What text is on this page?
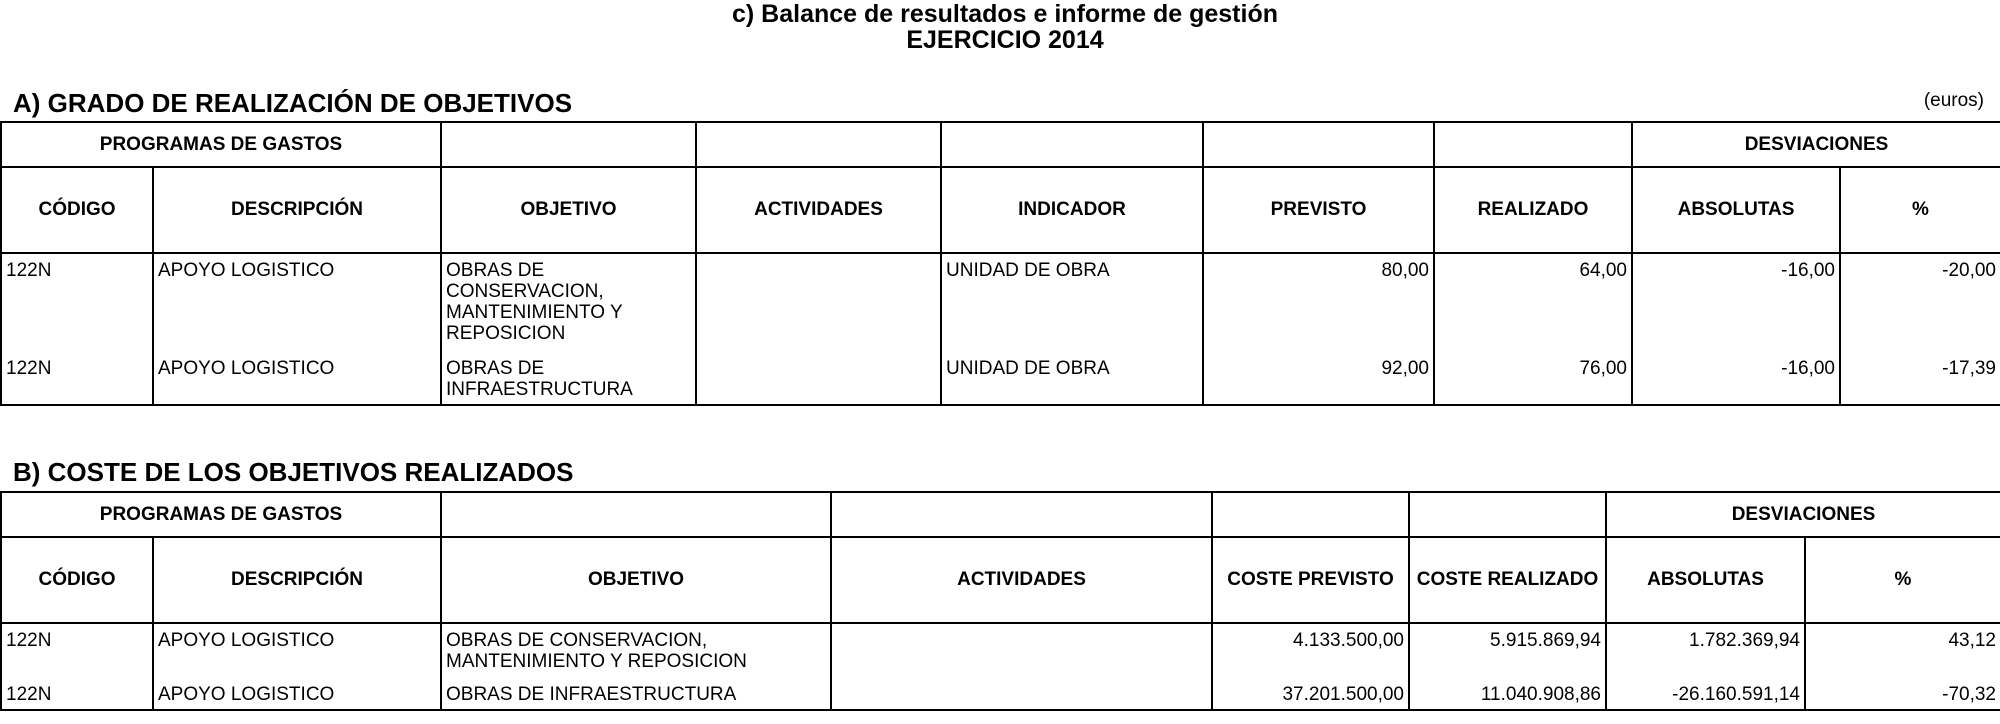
c) Balance de resultados e informe de gestión
EJERCICIO 2014
A) GRADO DE REALIZACIÓN DE OBJETIVOS	(euros)
PROGRAMAS DE GASTOS							DESVIACIONES	
CÓDIGO	DESCRIPCIÓN	OBJETIVO	ACTIVIDADES	INDICADOR	PREVISTO	REALIZADO	ABSOLUTAS	%
122N	APOYO LOGISTICO	OBRAS DE CONSERVACION, MANTENIMIENTO Y REPOSICION		UNIDAD DE OBRA	80,00	64,00	-16,00	-20,00
122N	APOYO LOGISTICO	OBRAS DE INFRAESTRUCTURA		UNIDAD DE OBRA	92,00	76,00	-16,00	-17,39
B) COSTE DE LOS OBJETIVOS REALIZADOS
PROGRAMAS DE GASTOS						DESVIACIONES	
CÓDIGO	DESCRIPCIÓN	OBJETIVO	ACTIVIDADES	COSTE PREVISTO	COSTE REALIZADO	ABSOLUTAS	%
122N	APOYO LOGISTICO	OBRAS DE CONSERVACION, MANTENIMIENTO Y REPOSICION		4.133.500,00	5.915.869,94	1.782.369,94	43,12
122N	APOYO LOGISTICO	OBRAS DE INFRAESTRUCTURA		37.201.500,00	11.040.908,86	-26.160.591,14	-70,32
